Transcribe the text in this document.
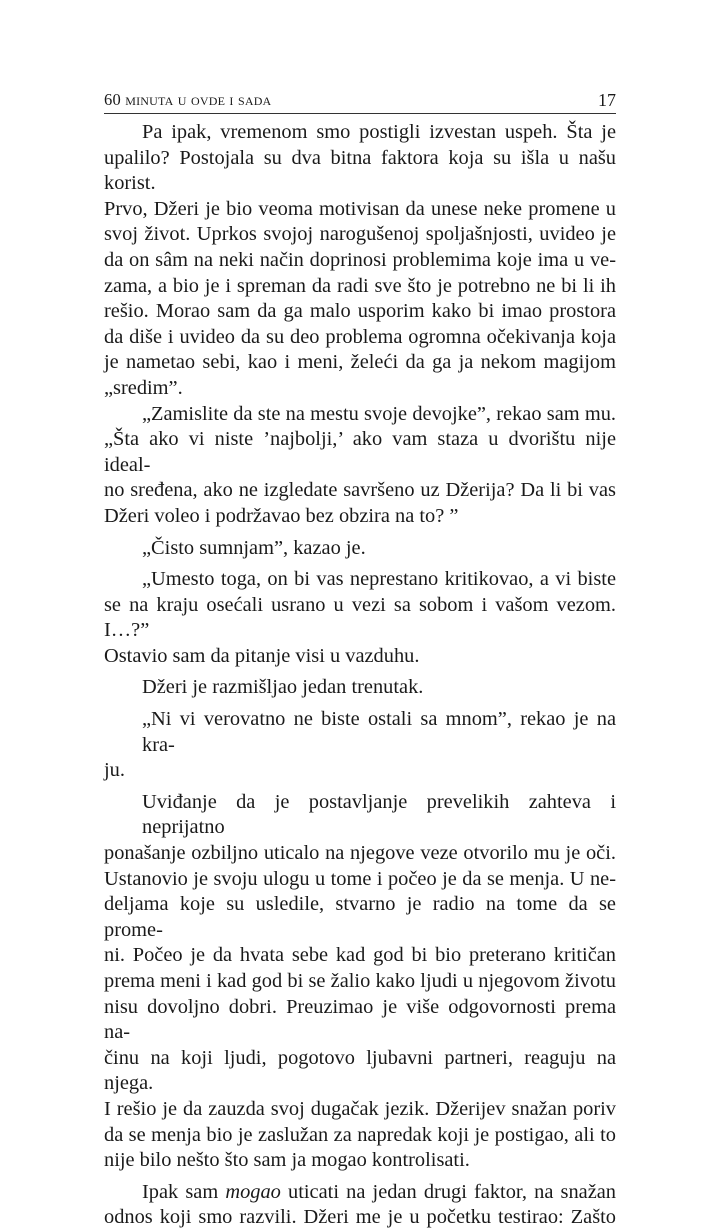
60 minuta u ovde i sada	17

Pa ipak, vremenom smo postigli izvestan uspeh. Šta je
upalilo? Postojala su dva bitna faktora koja su išla u našu korist.
Prvo, Džeri je bio veoma motivisan da unese neke promene u
svoj život. Uprkos svojoj narogušenoj spoljašnjosti, uvideo je
da on sâm na neki način doprinosi problemima koje ima u ve-
zama, a bio je i spreman da radi sve što je potrebno ne bi li ih
rešio. Morao sam da ga malo usporim kako bi imao prostora
da diše i uvideo da su deo problema ogromna očekivanja koja
je nametao sebi, kao i meni, želeći da ga ja nekom magijom
„sredim”.

„Zamislite da ste na mestu svoje devojke”, rekao sam mu.
„Šta ako vi niste ’najbolji,’ ako vam staza u dvorištu nije ideal-
no sređena, ako ne izgledate savršeno uz Džerija? Da li bi vas
Džeri voleo i podržavao bez obzira na to? ”

„Čisto sumnjam”, kazao je.

„Umesto toga, on bi vas neprestano kritikovao, a vi biste
se na kraju osećali usrano u vezi sa sobom i vašom vezom. I…?”
Ostavio sam da pitanje visi u vazduhu.

Džeri je razmišljao jedan trenutak.

„Ni vi verovatno ne biste ostali sa mnom”, rekao je na kra-
ju.

Uviđanje da je postavljanje prevelikih zahteva i neprijatno
ponašanje ozbiljno uticalo na njegove veze otvorilo mu je oči.
Ustanovio je svoju ulogu u tome i počeo je da se menja. U ne-
deljama koje su usledile, stvarno je radio na tome da se prome-
ni. Počeo je da hvata sebe kad god bi bio preterano kritičan
prema meni i kad god bi se žalio kako ljudi u njegovom životu
nisu dovoljno dobri. Preuzimao je više odgovornosti prema na-
činu na koji ljudi, pogotovo ljubavni partneri, reaguju na njega.
I rešio je da zauzda svoj dugačak jezik. Džerijev snažan poriv
da se menja bio je zaslužan za napredak koji je postigao, ali to
nije bilo nešto što sam ja mogao kontrolisati.

Ipak sam mogao uticati na jedan drugi faktor, na snažan
odnos koji smo razvili. Džeri me je u početku testirao: Zašto
